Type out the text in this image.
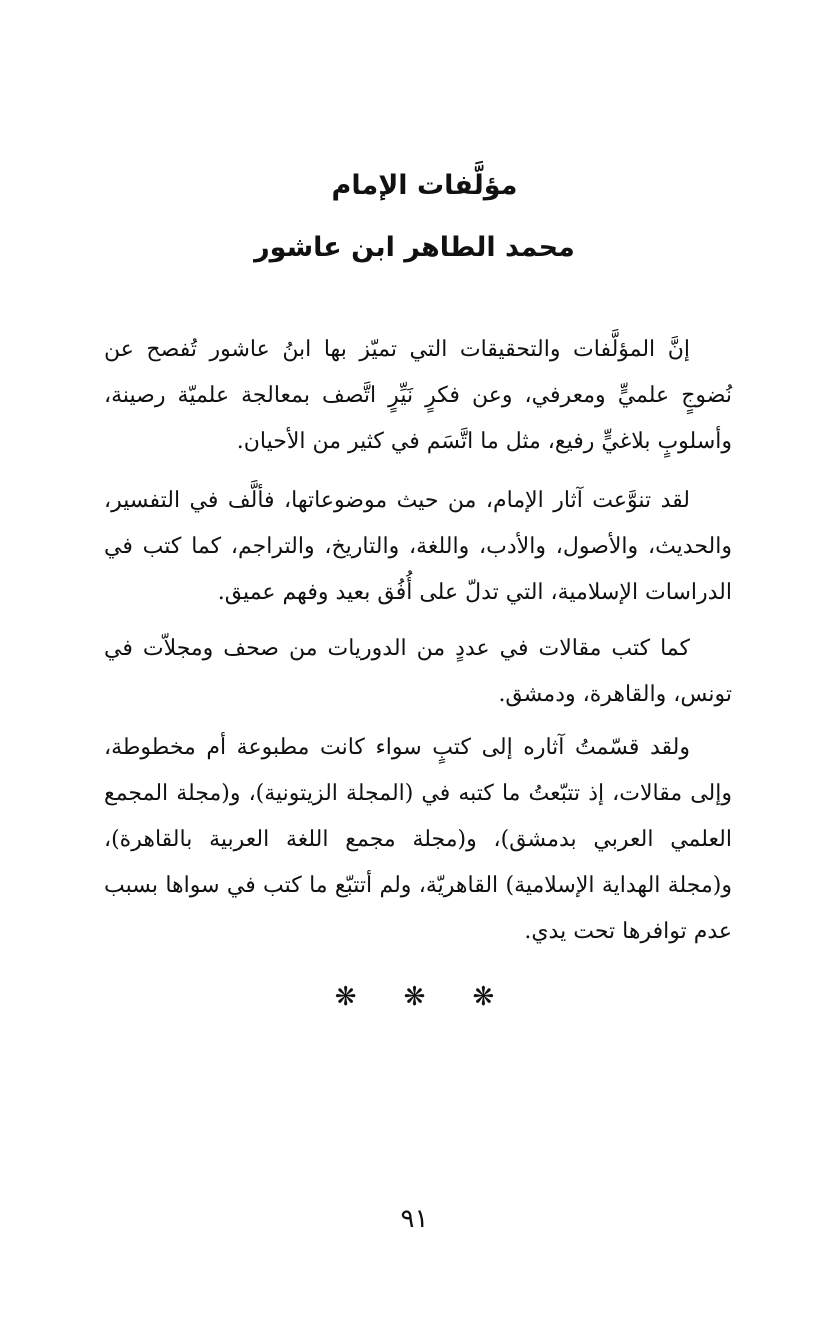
مؤلَّفات الإمام
محمد الطاهر ابن عاشور

إنَّ المؤلَّفات والتحقيقات التي تميّز بها ابنُ عاشور تُفصح عن نُضوجٍ علميٍّ ومعرفي، وعن فكرٍ نَيِّرٍ اتَّصف بمعالجة علميّة رصينة، وأسلوبٍ بلاغيٍّ رفيع، مثل ما اتَّسَم في كثير من الأحيان.

لقد تنوَّعت آثار الإمام، من حيث موضوعاتها، فألَّف في التفسير، والحديث، والأصول، والأدب، واللغة، والتاريخ، والتراجم، كما كتب في الدراسات الإسلامية، التي تدلّ على أُفُق بعيد وفهم عميق.

كما كتب مقالات في عددٍ من الدوريات من صحف ومجلاّت في تونس، والقاهرة، ودمشق.

ولقد قسّمتُ آثاره إلى كتبٍ سواء كانت مطبوعة أم مخطوطة، وإلى مقالات، إذ تتبّعتُ ما كتبه في (المجلة الزيتونية)، و(مجلة المجمع العلمي العربي بدمشق)، و(مجلة مجمع اللغة العربية بالقاهرة)، و(مجلة الهداية الإسلامية) القاهريّة، ولم أتتبّع ما كتب في سواها بسبب عدم توافرها تحت يدي.

❋ ❋ ❋
٩١
